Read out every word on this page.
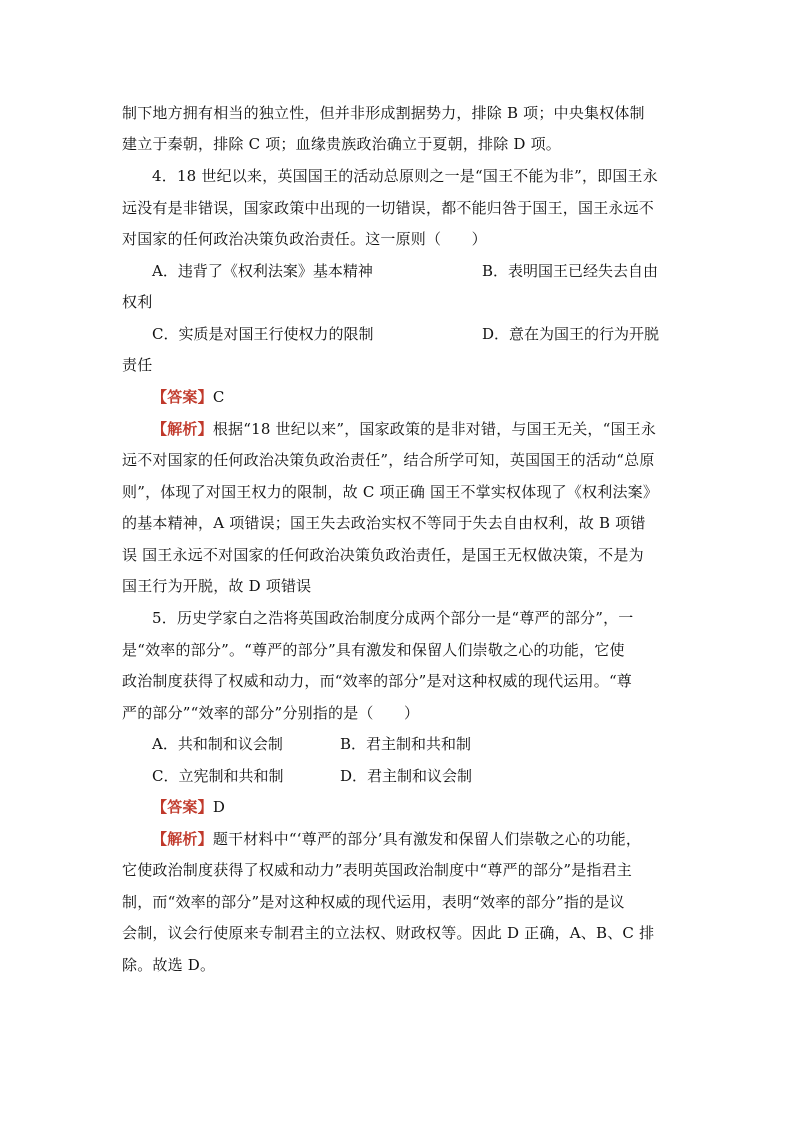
制下地方拥有相当的独立性，但并非形成割据势力，排除 B 项；中央集权体制
建立于秦朝，排除 C 项；血缘贵族政治确立于夏朝，排除 D 项。
4．18 世纪以来，英国国王的活动总原则之一是“国王不能为非”，即国王永
远没有是非错误，国家政策中出现的一切错误，都不能归咎于国王，国王永远不
对国家的任何政治决策负政治责任。这一原则（　　）
A．违背了《权利法案》基本精神	B．表明国王已经失去自由
权利
C．实质是对国王行使权力的限制	D．意在为国王的行为开脱
责任
【答案】C
【解析】根据“18 世纪以来”，国家政策的是非对错，与国王无关，“国王永
远不对国家的任何政治决策负政治责任”，结合所学可知，英国国王的活动“总原
则”，体现了对国王权力的限制，故 C 项正确 国王不掌实权体现了《权利法案》
的基本精神，A 项错误；国王失去政治实权不等同于失去自由权利，故 B 项错
误 国王永远不对国家的任何政治决策负政治责任，是国王无权做决策，不是为
国王行为开脱，故 D 项错误
5．历史学家白之浩将英国政治制度分成两个部分一是“尊严的部分”，一
是“效率的部分”。“尊严的部分”具有激发和保留人们崇敬之心的功能，它使
政治制度获得了权威和动力，而“效率的部分”是对这种权威的现代运用。“尊
严的部分”“效率的部分”分别指的是（　　）
A．共和制和议会制	B．君主制和共和制
C．立宪制和共和制	D．君主制和议会制
【答案】D
【解析】题干材料中“‘尊严的部分’具有激发和保留人们崇敬之心的功能，
它使政治制度获得了权威和动力”表明英国政治制度中“尊严的部分”是指君主
制，而“效率的部分”是对这种权威的现代运用，表明“效率的部分”指的是议
会制，议会行使原来专制君主的立法权、财政权等。因此 D 正确，A、B、C 排
除。故选 D。
